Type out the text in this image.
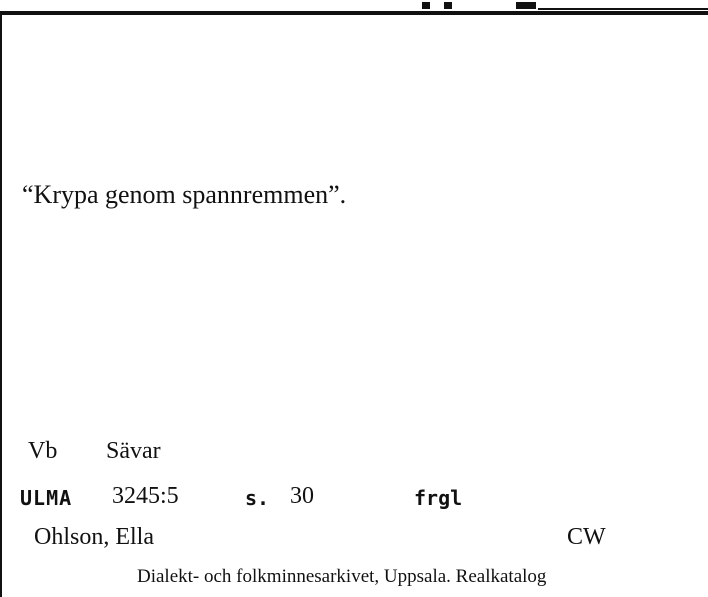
“Krypa genom spannremmen”.
Vb Sävar
ULMA 3245:5	s. 30	frgl
Ohlson, Ella	CW
Dialekt- och folkminnesarkivet, Uppsala. Realkatalog
